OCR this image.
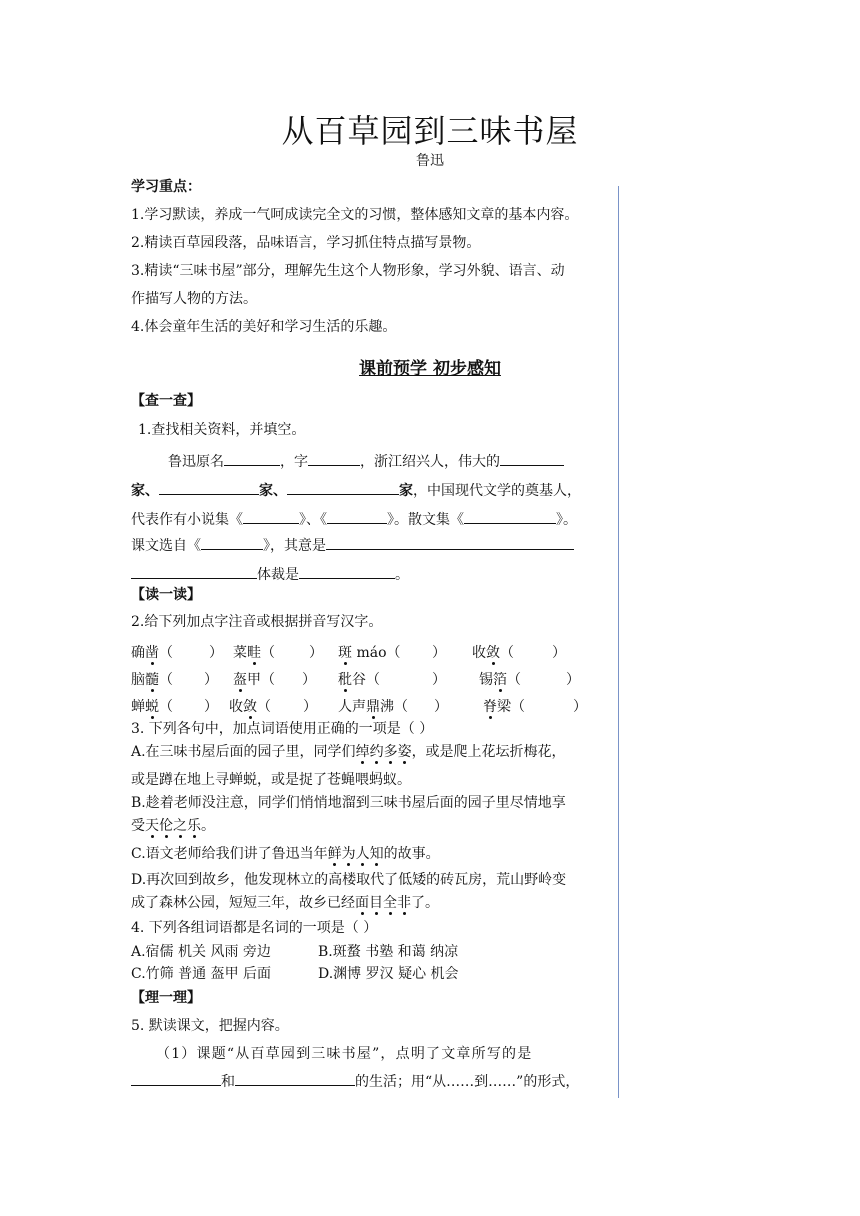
从百草园到三味书屋
鲁迅
学习重点：
1.学习默读，养成一气呵成读完全文的习惯，整体感知文章的基本内容。
2.精读百草园段落，品味语言，学习抓住特点描写景物。
3.精读“三味书屋”部分，理解先生这个人物形象，学习外貌、语言、动
作描写人物的方法。
4.体会童年生活的美好和学习生活的乐趣。
课前预学 初步感知
【查一查】
1.查找相关资料，并填空。
鲁迅原名	，字	，浙江绍兴人，伟大的
家、	家、	家，中国现代文学的奠基人，
代表作有小说集《	》、《	》。散文集《	》。
课文选自《	》，其意是
体裁是	。
【读一读】
2.给下列加点字注音或根据拼音写汉字。
确凿（	） 菜畦（ ） 斑 máo（ ） 收敛（	）
脑髓（ ） 盔甲（ ） 秕谷（	） 锡箔（	）
蝉蜕（ ） 收敛（ ） 人声鼎沸（ ）	脊梁（	）
3. 下列各句中，加点词语使用正确的一项是（ ）
A.在三味书屋后面的园子里，同学们绰约多姿，或是爬上花坛折梅花，
或是蹲在地上寻蝉蜕，或是捉了苍蝇喂蚂蚁。
B.趁着老师没注意，同学们悄悄地溜到三味书屋后面的园子里尽情地享
受天伦之乐。
C.语文老师给我们讲了鲁迅当年鲜为人知的故事。
D.再次回到故乡，他发现林立的高楼取代了低矮的砖瓦房，荒山野岭变
成了森林公园，短短三年，故乡已经面目全非了。
4. 下列各组词语都是名词的一项是（ ）
A.宿儒 机关 风雨 旁边	B.斑蝥 书塾 和蔼 纳凉
C.竹筛 普通 盔甲 后面	D.渊博 罗汉 疑心 机会
【理一理】
5. 默读课文，把握内容。
（1）课题“从百草园到三味书屋”，点明了文章所写的是
和	的生活；用“从……到……”的形式，
